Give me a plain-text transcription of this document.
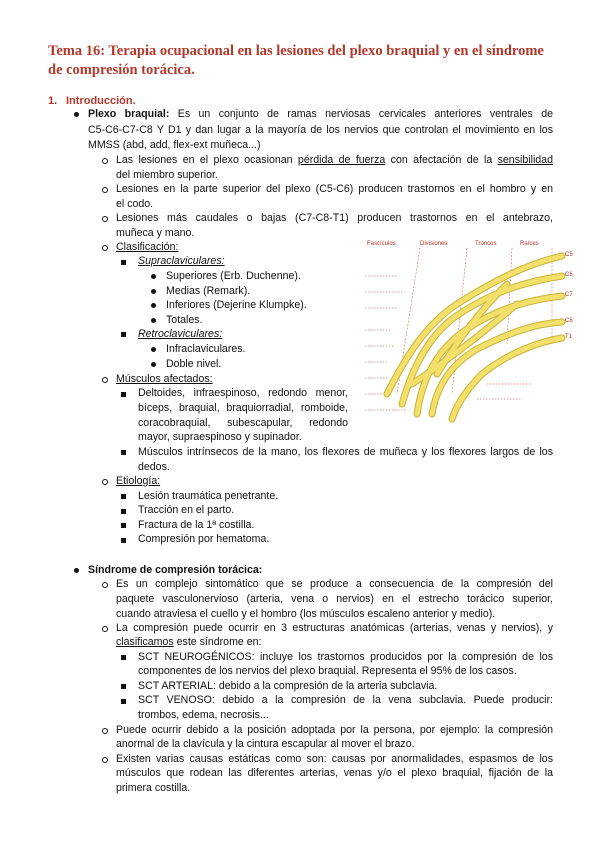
Tema 16: Terapia ocupacional en las lesiones del plexo braquial y en el síndrome de compresión torácica.
1. Introducción.
Plexo braquial: Es un conjunto de ramas nerviosas cervicales anteriores ventrales de
C5-C6-C7-C8 Y D1 y dan lugar a la mayoría de los nervios que controlan el movimiento en los
MMSS (abd, add, flex-ext muñeca...)
Las lesiones en el plexo ocasionan pérdida de fuerza con afectación de la sensibilidad
del miembro superior.
Lesiones en la parte superior del plexo (C5-C6) producen trastornos en el hombro y en
el codo.
Lesiones más caudales o bajas (C7-C8-T1) producen trastornos en el antebrazo,
muñeca y mano.
Clasificación:
Supraclaviculares:
Superiores (Erb. Duchenne).
Medias (Remark).
Inferiores (Dejerine Klumpke).
Totales.
Retroclaviculares:
Infraclaviculares.
Doble nivel.
Músculos afectados:
Deltoides, infraespinoso, redondo menor,
bíceps, braquial, braquiorradial, romboide,
coracobraquial, subescapular, redondo
mayor, supraespinoso y supinador.
Músculos intrínsecos de la mano, los flexores de muñeca y los flexores largos de los
dedos.
Etiología:
Lesión traumática penetrante.
Tracción en el parto.
Fractura de la 1ª costilla.
Compresión por hematoma.
Síndrome de compresión torácica:
Es un complejo sintomático que se produce a consecuencia de la compresión del
paquete vasculonervioso (arteria, vena o nervios) en el estrecho torácico superior,
cuando atraviesa el cuello y el hombro (los músculos escaleno anterior y medio).
La compresión puede ocurrir en 3 estructuras anatómicas (arterias, venas y nervios), y
clasificamos este síndrome en:
SCT NEUROGÉNICOS: incluye los trastornos producidos por la compresión de los
componentes de los nervios del plexo braquial. Representa el 95% de los casos.
SCT ARTERIAL: debido a la compresión de la arteria subclavia.
SCT VENOSO: debido a la compresión de la vena subclavia. Puede producir:
trombos, edema, necrosis...
Puede ocurrir debido a la posición adoptada por la persona, por ejemplo: la compresión
anormal de la clavícula y la cintura escapular al mover el brazo.
Existen varias causas estáticas como son: causas por anormalidades, espasmos de los
músculos que rodean las diferentes arterias, venas y/o el plexo braquial, fijación de la
primera costilla.
Fascículos	Divisiones	Troncos	Raíces
C5
C6
C7
C8
T1
